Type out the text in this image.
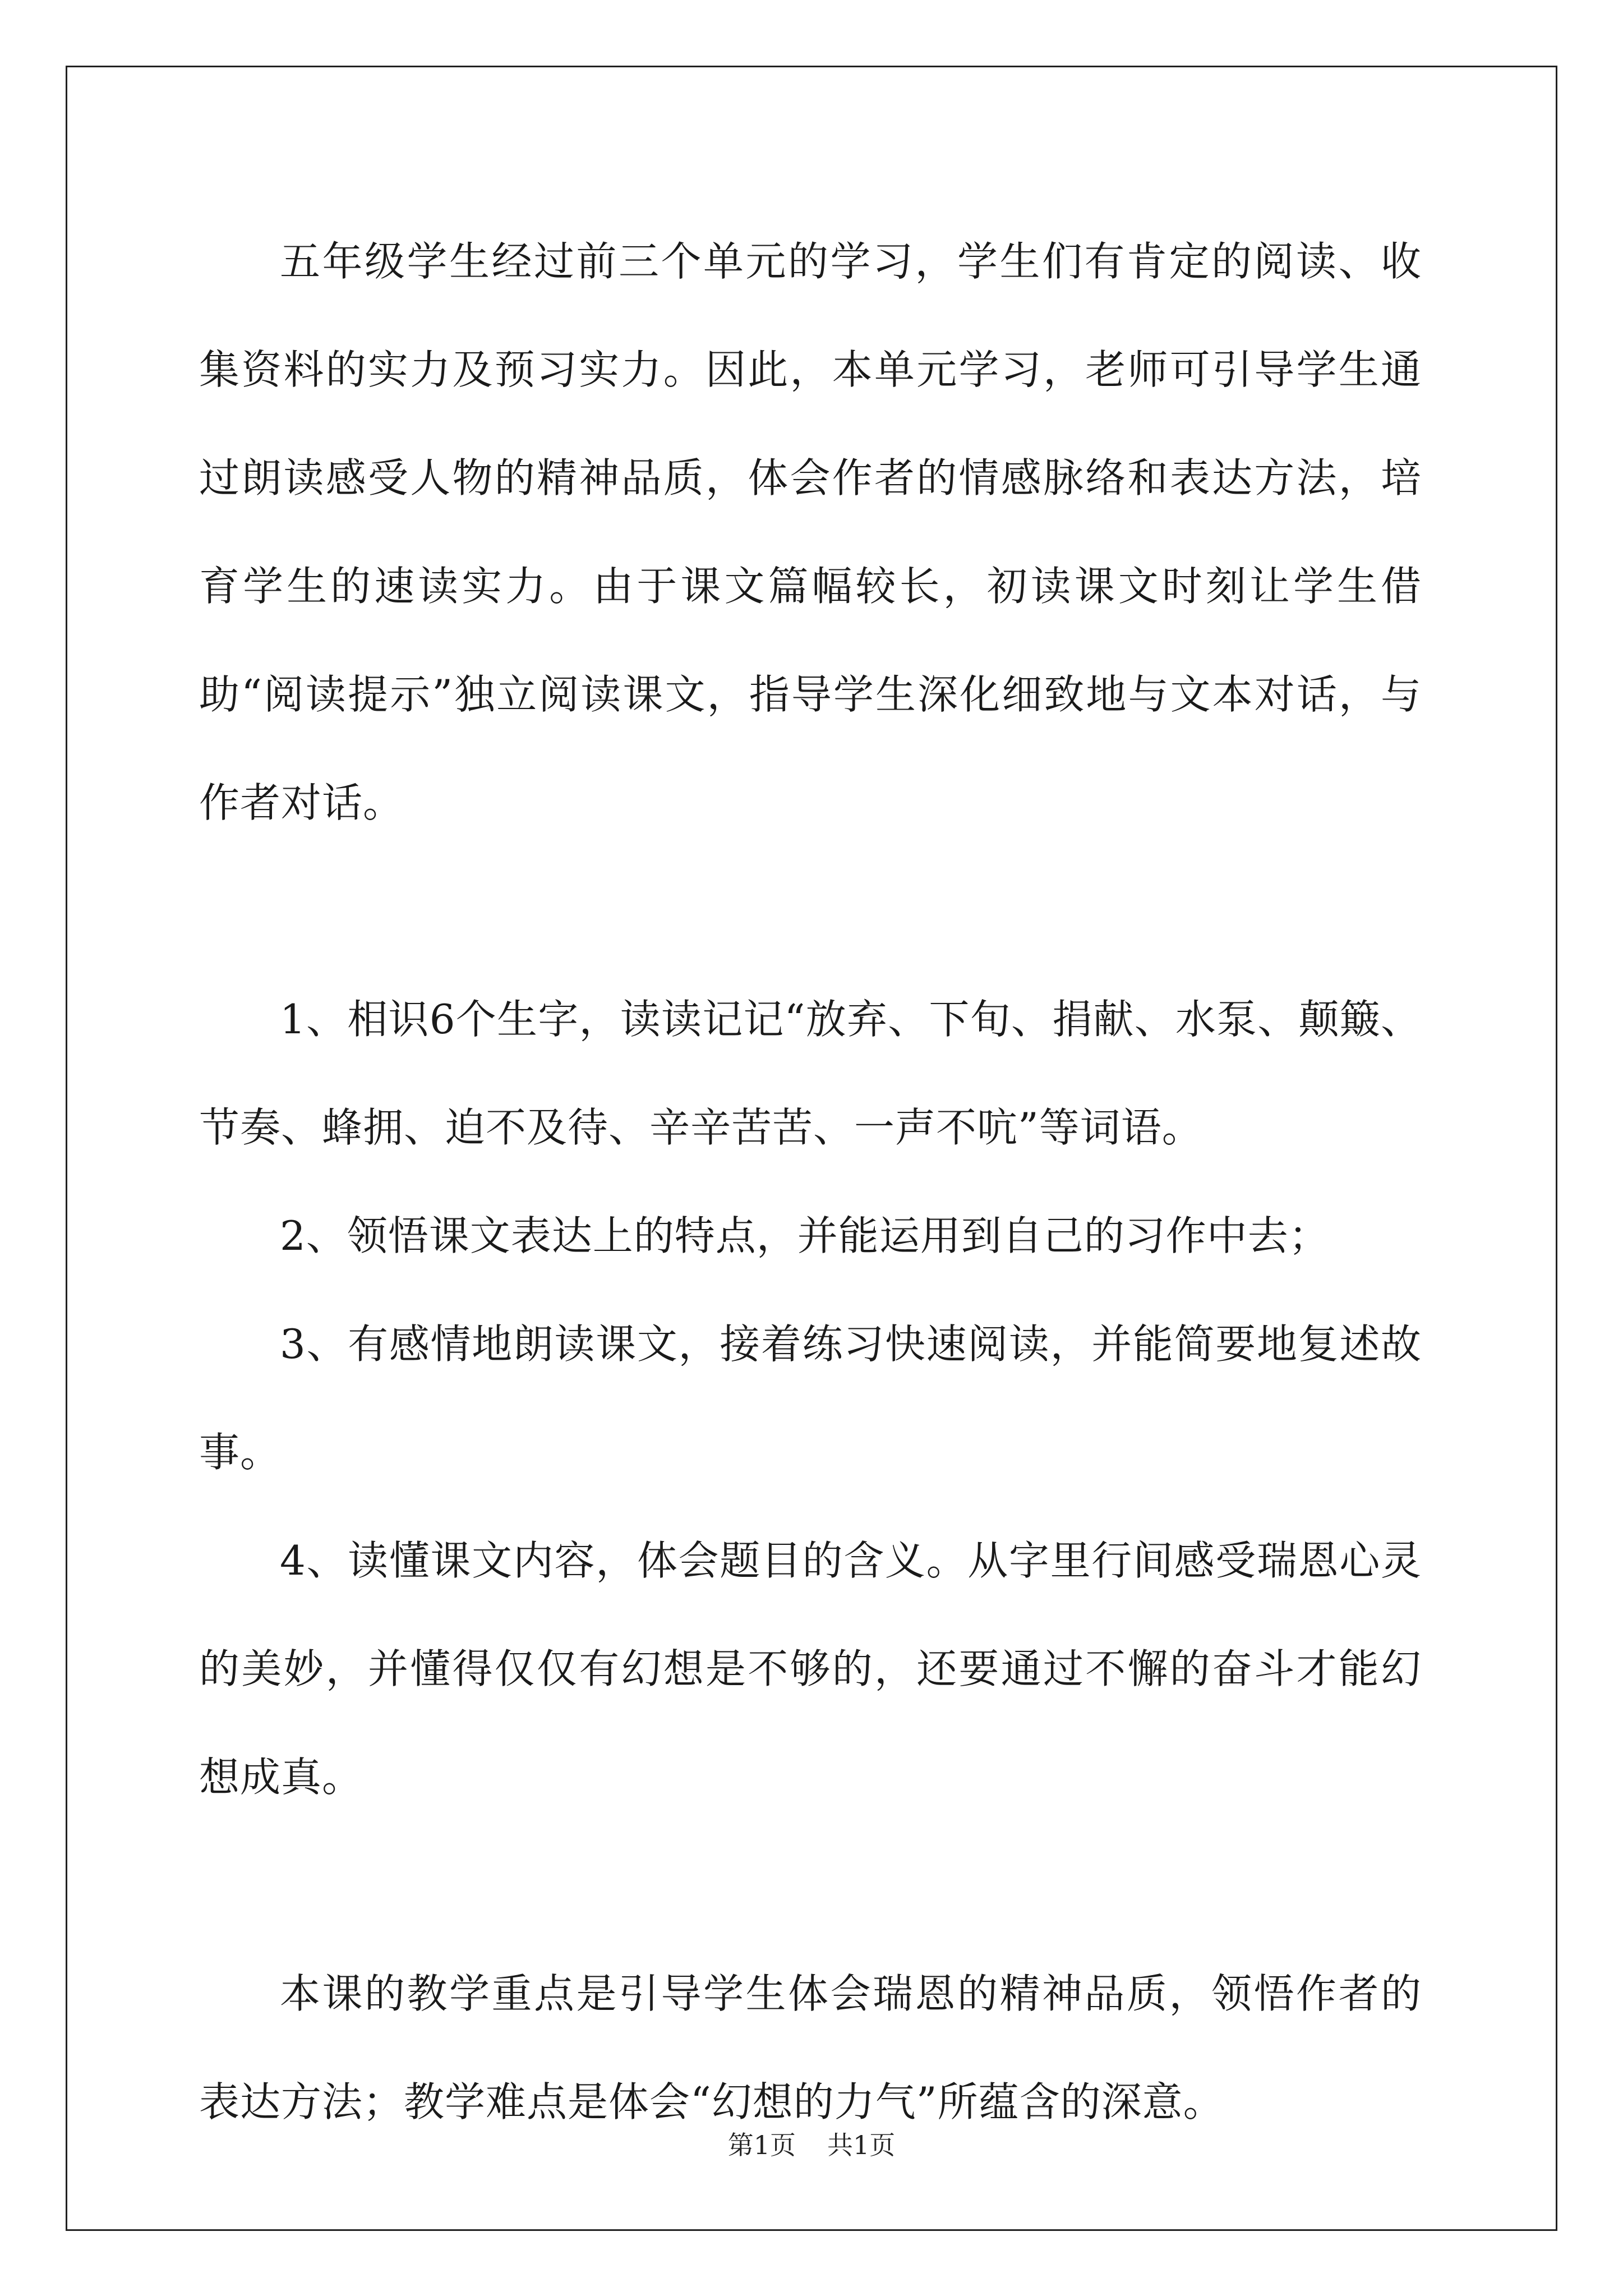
五年级学生经过前三个单元的学习，学生们有肯定的阅读、收集资料的实力及预习实力。因此，本单元学习，老师可引导学生通过朗读感受人物的精神品质，体会作者的情感脉络和表达方法，培育学生的速读实力。由于课文篇幅较长，初读课文时刻让学生借助“阅读提示”独立阅读课文，指导学生深化细致地与文本对话，与作者对话。

1、相识6个生字，读读记记“放弃、下旬、捐献、水泵、颠簸、节奏、蜂拥、迫不及待、辛辛苦苦、一声不吭”等词语。

2、领悟课文表达上的特点，并能运用到自己的习作中去；

3、有感情地朗读课文，接着练习快速阅读，并能简要地复述故事。

4、读懂课文内容，体会题目的含义。从字里行间感受瑞恩心灵的美妙，并懂得仅仅有幻想是不够的，还要通过不懈的奋斗才能幻想成真。

本课的教学重点是引导学生体会瑞恩的精神品质，领悟作者的表达方法；教学难点是体会“幻想的力气”所蕴含的深意。

第1页 共1页
